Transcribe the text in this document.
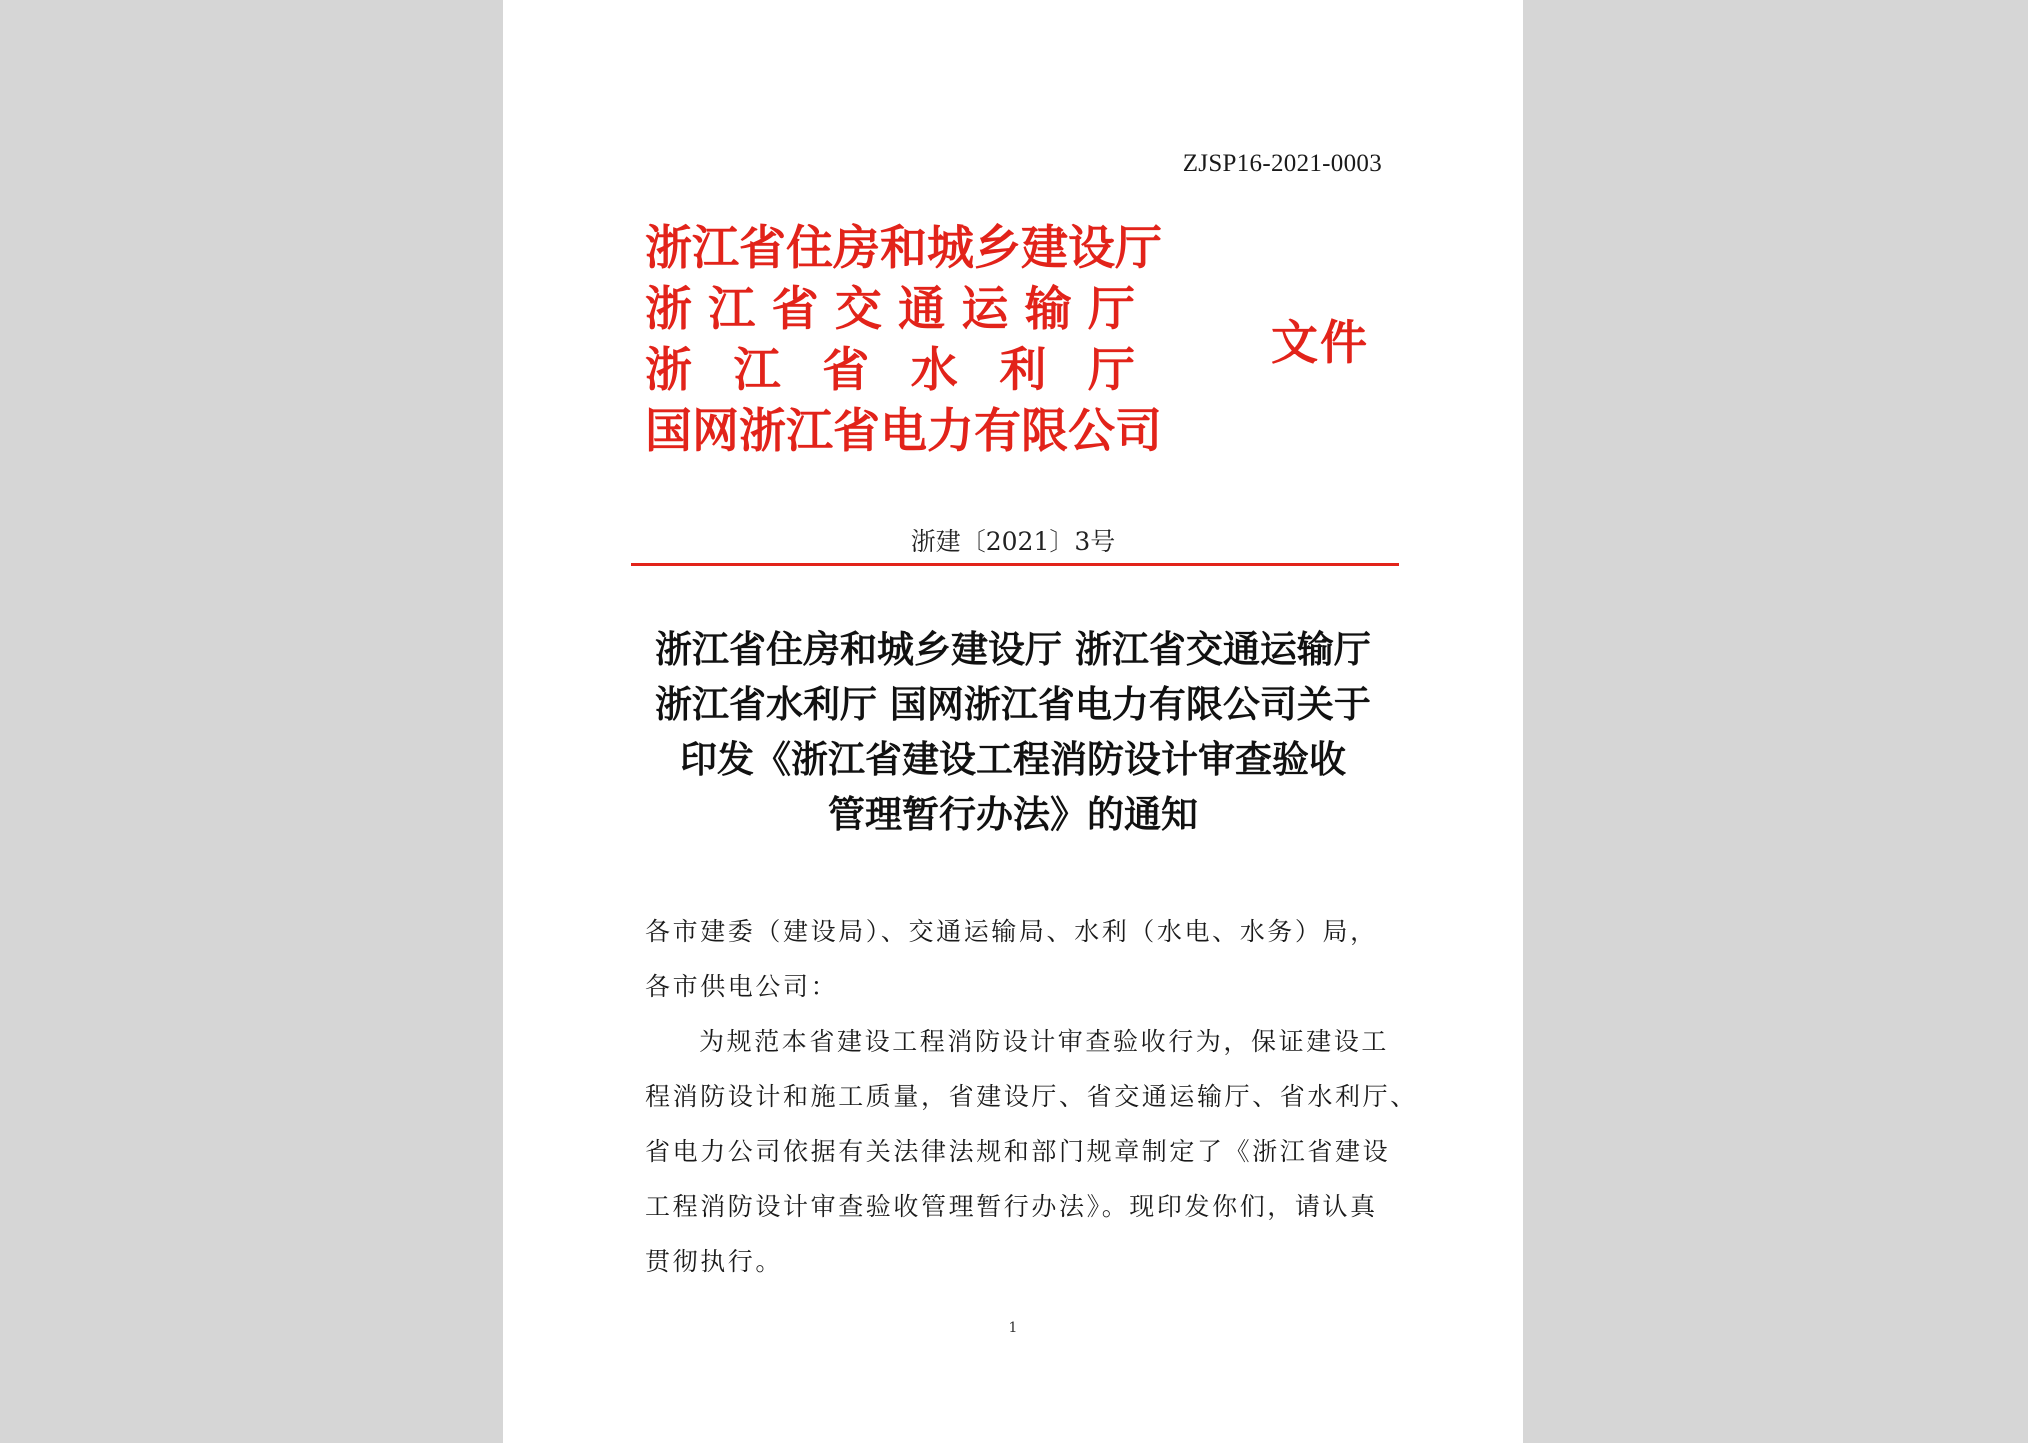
ZJSP16-2021-0003
浙 江 省 住 房 和 城 乡 建 设 厅
浙 江 省 交 通 运 输 厅
浙 江 省 水 利 厅
国 网 浙 江 省 电 力 有 限 公 司
文件
浙建〔2021〕3号
浙江省住房和城乡建设厅 浙江省交通运输厅
浙江省水利厅 国网浙江省电力有限公司关于
印发《浙江省建设工程消防设计审查验收
管理暂行办法》的通知
各市建委（建设局）、交通运输局、水利（水电、水务）局，
各市供电公司：
为规范本省建设工程消防设计审查验收行为，保证建设工
程消防设计和施工质量，省建设厅、省交通运输厅、省水利厅、
省电力公司依据有关法律法规和部门规章制定了《浙江省建设
工程消防设计审查验收管理暂行办法》。现印发你们，请认真
贯彻执行。
1
